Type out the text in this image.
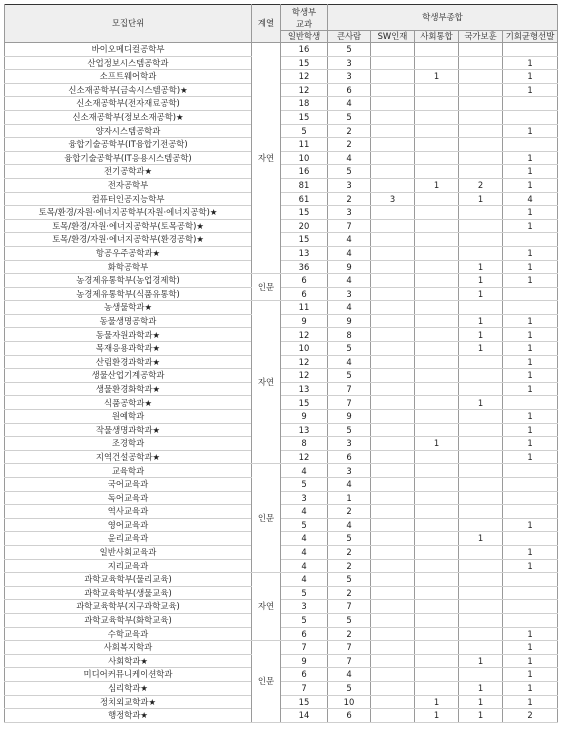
모집단위	계열	학생부	학생부종합				
		교과					
		일반학생	큰사람	SW인재	사회통합	국가보훈	기회균형선발
바이오메디컬공학부	자연	16	5				
산업정보시스템공학과		15	3				1
소프트웨어학과		12	3		1		1
신소재공학부(금속시스템공학)★		12	6				1
신소재공학부(전자재료공학)		18	4				
신소재공학부(정보소재공학)★		15	5				
양자시스템공학과		5	2				1
융합기술공학부(IT융합기전공학)		11	2				
융합기술공학부(IT응용시스템공학)		10	4				1
전기공학과★		16	5				1
전자공학부		81	3		1	2	1
컴퓨터인공지능학부		61	2	3		1	4
토목/환경/자원·에너지공학부(자원·에너지공학)★		15	3				1
토목/환경/자원·에너지공학부(토목공학)★		20	7				1
토목/환경/자원·에너지공학부(환경공학)★		15	4				
항공우주공학과★		13	4				1
화학공학부		36	9			1	1
농경제유통학부(농업경제학)	인문	6	4			1	1
농경제유통학부(식품유통학)		6	3			1	
농생물학과★	자연	11	4				
동물생명공학과		9	9			1	1
동물자원과학과★		12	8			1	1
목재응용과학과★		10	5			1	1
산림환경과학과★		12	4				1
생물산업기계공학과		12	5				1
생물환경화학과★		13	7				1
식품공학과★		15	7			1	
원예학과		9	9				1
작물생명과학과★		13	5				1
조경학과		8	3		1		1
지역건설공학과★		12	6				1
교육학과	인문	4	3				
국어교육과		5	4				
독어교육과		3	1				
역사교육과		4	2				
영어교육과		5	4				1
윤리교육과		4	5			1	
일반사회교육과		4	2				1
지리교육과		4	2				1
과학교육학부(물리교육)	자연	4	5				
과학교육학부(생물교육)		5	2				
과학교육학부(지구과학교육)		3	7				
과학교육학부(화학교육)		5	5				
수학교육과		6	2				1
사회복지학과	인문	7	7				1
사회학과★		9	7			1	1
미디어커뮤니케이션학과		6	4				1
심리학과★		7	5			1	1
정치외교학과★		15	10		1	1	1
행정학과★		14	6		1	1	2
